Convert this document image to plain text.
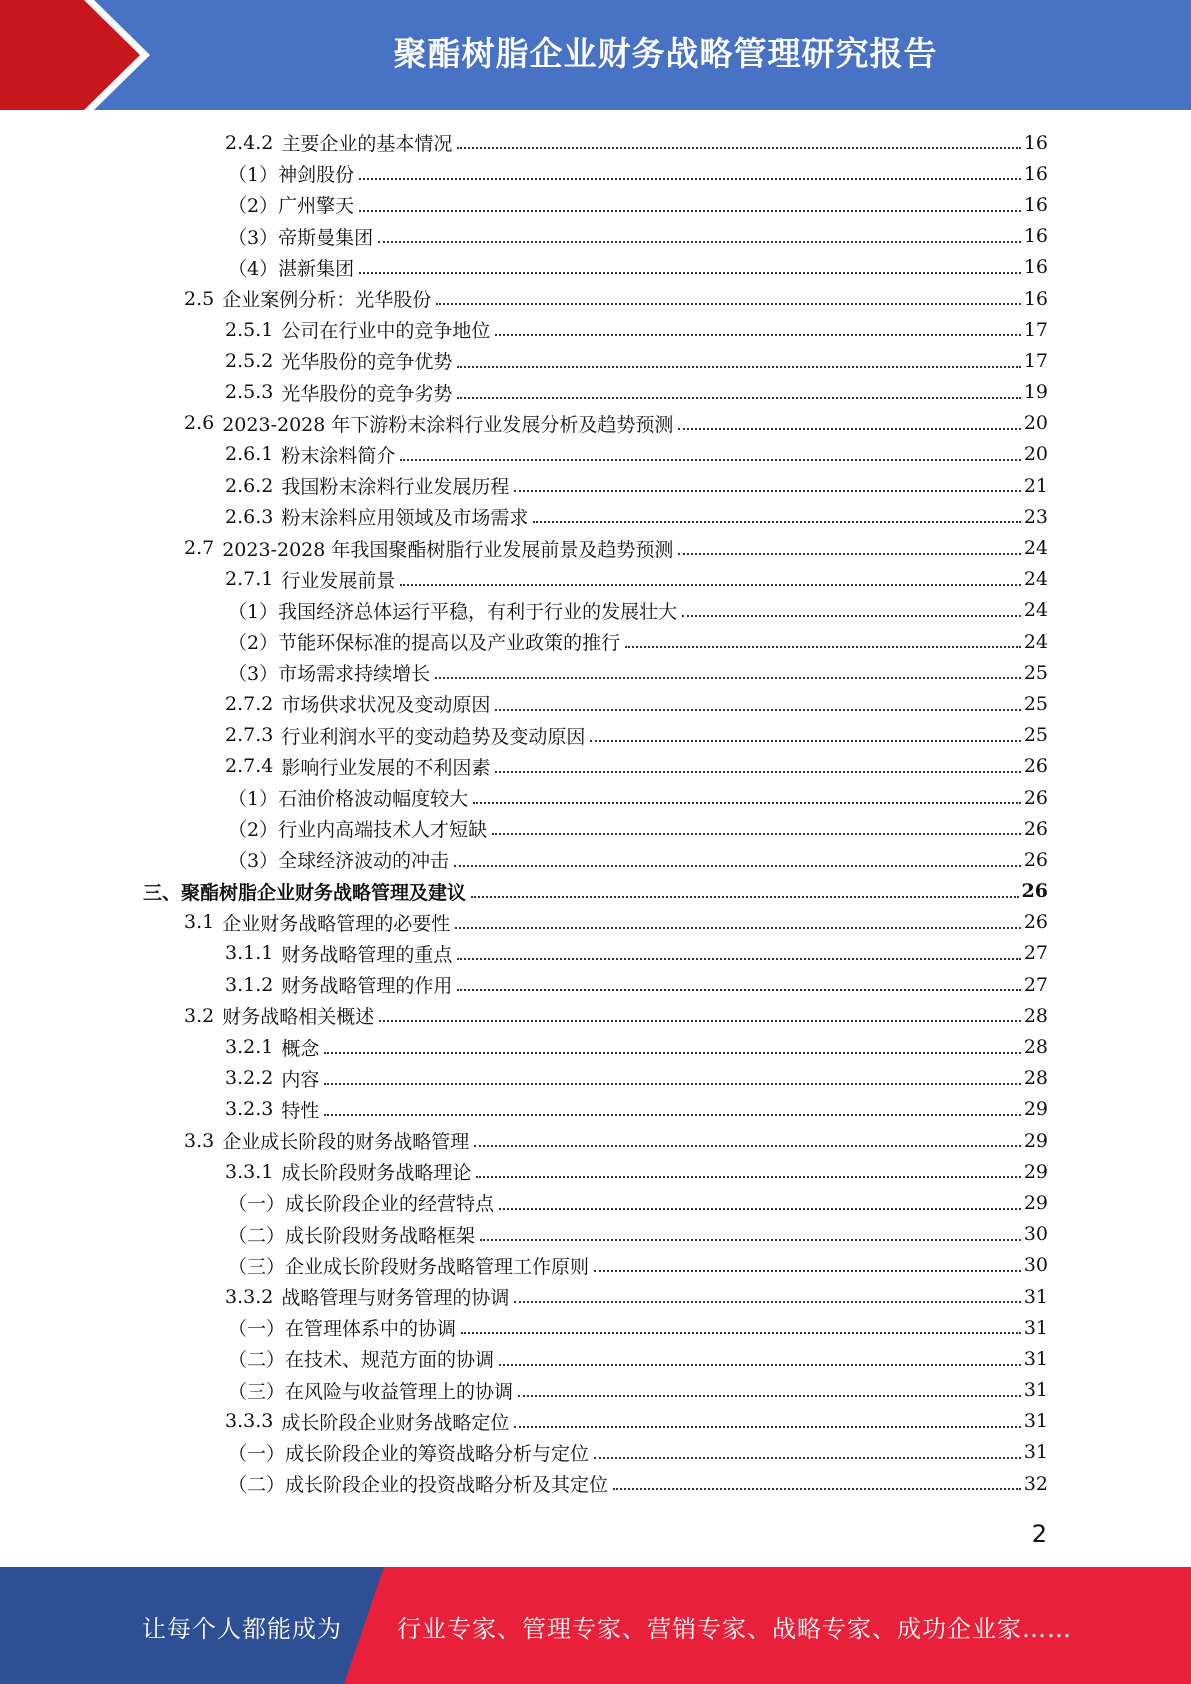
聚酯树脂企业财务战略管理研究报告
2.4.2 主要企业的基本情况	16
（1）神剑股份	16
（2）广州擎天	16
（3）帝斯曼集团	16
（4）湛新集团	16
2.5 企业案例分析：光华股份	16
2.5.1 公司在行业中的竞争地位	17
2.5.2 光华股份的竞争优势	17
2.5.3 光华股份的竞争劣势	19
2.6 2023-2028 年下游粉末涂料行业发展分析及趋势预测	20
2.6.1 粉末涂料简介	20
2.6.2 我国粉末涂料行业发展历程	21
2.6.3 粉末涂料应用领域及市场需求	23
2.7 2023-2028 年我国聚酯树脂行业发展前景及趋势预测	24
2.7.1 行业发展前景	24
（1）我国经济总体运行平稳，有利于行业的发展壮大	24
（2）节能环保标准的提高以及产业政策的推行	24
（3）市场需求持续增长	25
2.7.2 市场供求状况及变动原因	25
2.7.3 行业利润水平的变动趋势及变动原因	25
2.7.4 影响行业发展的不利因素	26
（1）石油价格波动幅度较大	26
（2）行业内高端技术人才短缺	26
（3）全球经济波动的冲击	26
三、聚酯树脂企业财务战略管理及建议	26
3.1 企业财务战略管理的必要性	26
3.1.1 财务战略管理的重点	27
3.1.2 财务战略管理的作用	27
3.2 财务战略相关概述	28
3.2.1 概念	28
3.2.2 内容	28
3.2.3 特性	29
3.3 企业成长阶段的财务战略管理	29
3.3.1 成长阶段财务战略理论	29
（一）成长阶段企业的经营特点	29
（二）成长阶段财务战略框架	30
（三）企业成长阶段财务战略管理工作原则	30
3.3.2 战略管理与财务管理的协调	31
（一）在管理体系中的协调	31
（二）在技术、规范方面的协调	31
（三）在风险与收益管理上的协调	31
3.3.3 成长阶段企业财务战略定位	31
（一）成长阶段企业的筹资战略分析与定位	31
（二）成长阶段企业的投资战略分析及其定位	32
2
让每个人都能成为 行业专家、管理专家、营销专家、战略专家、成功企业家……
